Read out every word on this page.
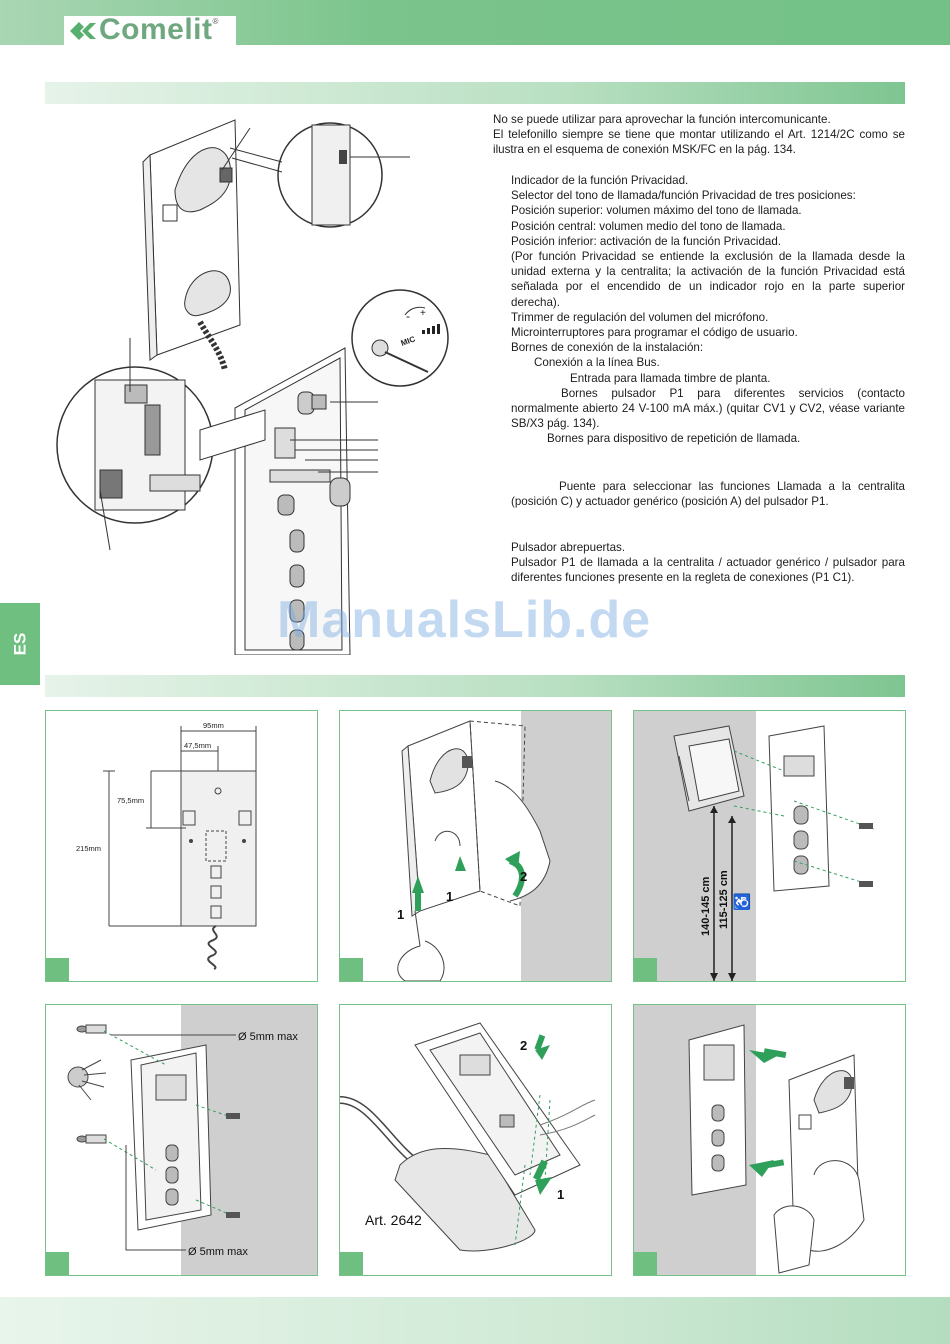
Comelit®
ES
MIC
- +

No se puede utilizar para aprovechar la función intercomunicante.

El telefonillo siempre se tiene que montar utilizando el Art. 1214/2C como se ilustra en el esquema de conexión MSK/FC en la pág. 134.

Indicador de la función Privacidad.

Selector del tono de llamada/función Privacidad de tres posiciones:

Posición superior: volumen máximo del tono de llamada.

Posición central: volumen medio del tono de llamada.

Posición inferior: activación de la función Privacidad.

(Por función Privacidad se entiende la exclusión de la llamada desde la unidad externa y la centralita; la activación de la función Privacidad está señalada por el encendido de un indicador rojo en la parte superior derecha).

Trimmer de regulación del volumen del micrófono.

Microinterruptores para programar el código de usuario.

Bornes de conexión de la instalación:

Conexión a la línea Bus.

Entrada para llamada timbre de planta.

Bornes pulsador P1 para diferentes servicios (contacto normalmente abierto 24 V-100 mA máx.) (quitar CV1 y CV2, véase variante SB/X3 pág. 134).

Bornes para dispositivo de repetición de llamada.

Puente para seleccionar las funciones Llamada a la centralita (posición C) y actuador genérico (posición A) del pulsador P1.

Pulsador abrepuertas.

Pulsador P1 de llamada a la centralita / actuador genérico / pulsador para diferentes funciones presente en la regleta de conexiones (P1 C1).

ManualsLib.de
95mm
47,5mm
75,5mm
215mm
1
1
2
140-145 cm 115-125 cm ♿
Ø 5mm max
Ø 5mm max
2
1
Art. 2642
